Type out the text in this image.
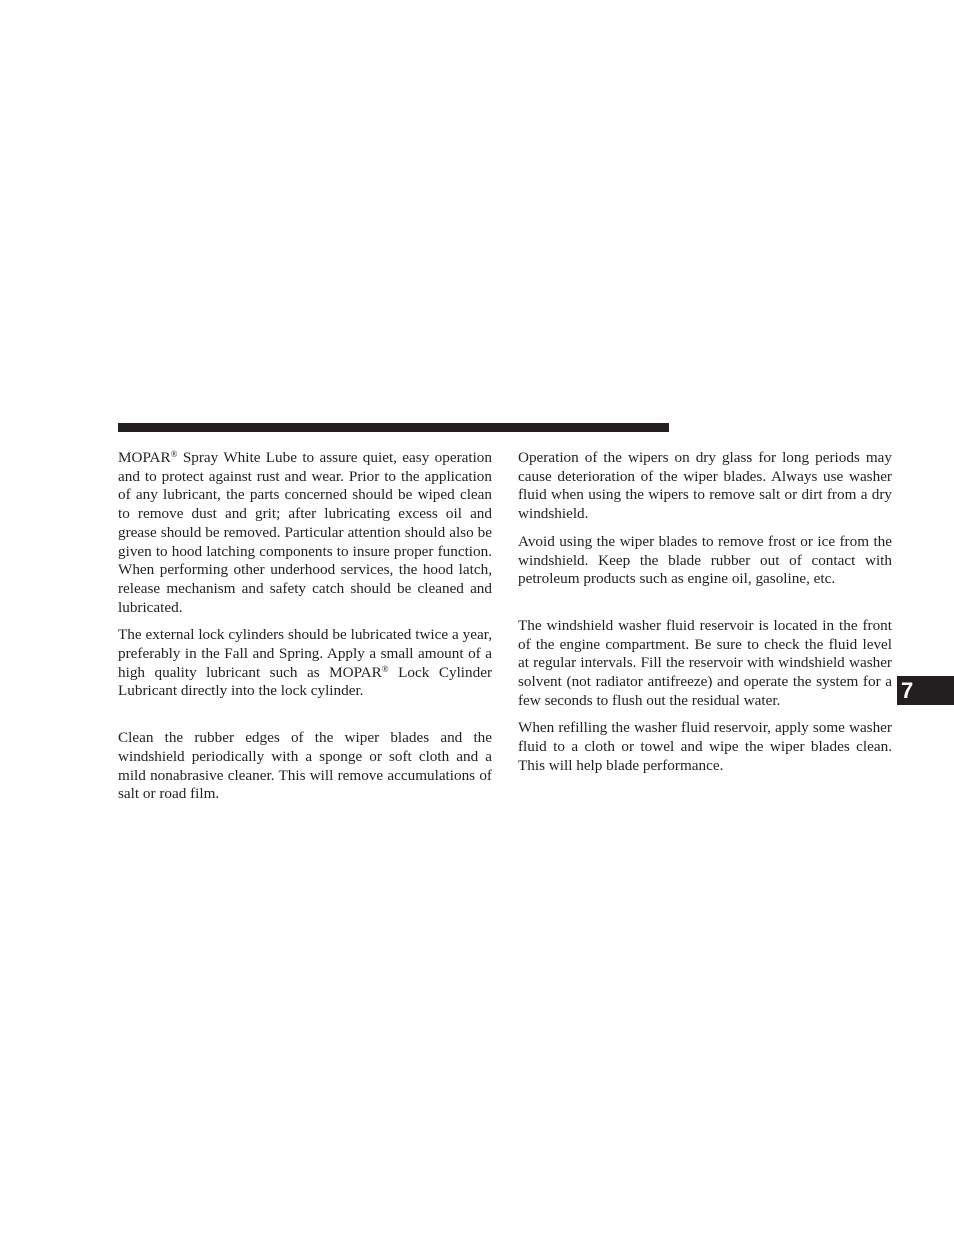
MOPAR® Spray White Lube to assure quiet, easy operation and to protect against rust and wear. Prior to the application of any lubricant, the parts concerned should be wiped clean to remove dust and grit; after lubricating excess oil and grease should be removed. Particular attention should also be given to hood latching components to insure proper function. When performing other underhood services, the hood latch, release mechanism and safety catch should be cleaned and lubricated.

The external lock cylinders should be lubricated twice a year, preferably in the Fall and Spring. Apply a small amount of a high quality lubricant such as MOPAR® Lock Cylinder Lubricant directly into the lock cylinder.

Clean the rubber edges of the wiper blades and the windshield periodically with a sponge or soft cloth and a mild nonabrasive cleaner. This will remove accumulations of salt or road film.

Operation of the wipers on dry glass for long periods may cause deterioration of the wiper blades. Always use washer fluid when using the wipers to remove salt or dirt from a dry windshield.

Avoid using the wiper blades to remove frost or ice from the windshield. Keep the blade rubber out of contact with petroleum products such as engine oil, gasoline, etc.

The windshield washer fluid reservoir is located in the front of the engine compartment. Be sure to check the fluid level at regular intervals. Fill the reservoir with windshield washer solvent (not radiator antifreeze) and operate the system for a few seconds to flush out the residual water.

When refilling the washer fluid reservoir, apply some washer fluid to a cloth or towel and wipe the wiper blades clean. This will help blade performance.

7
